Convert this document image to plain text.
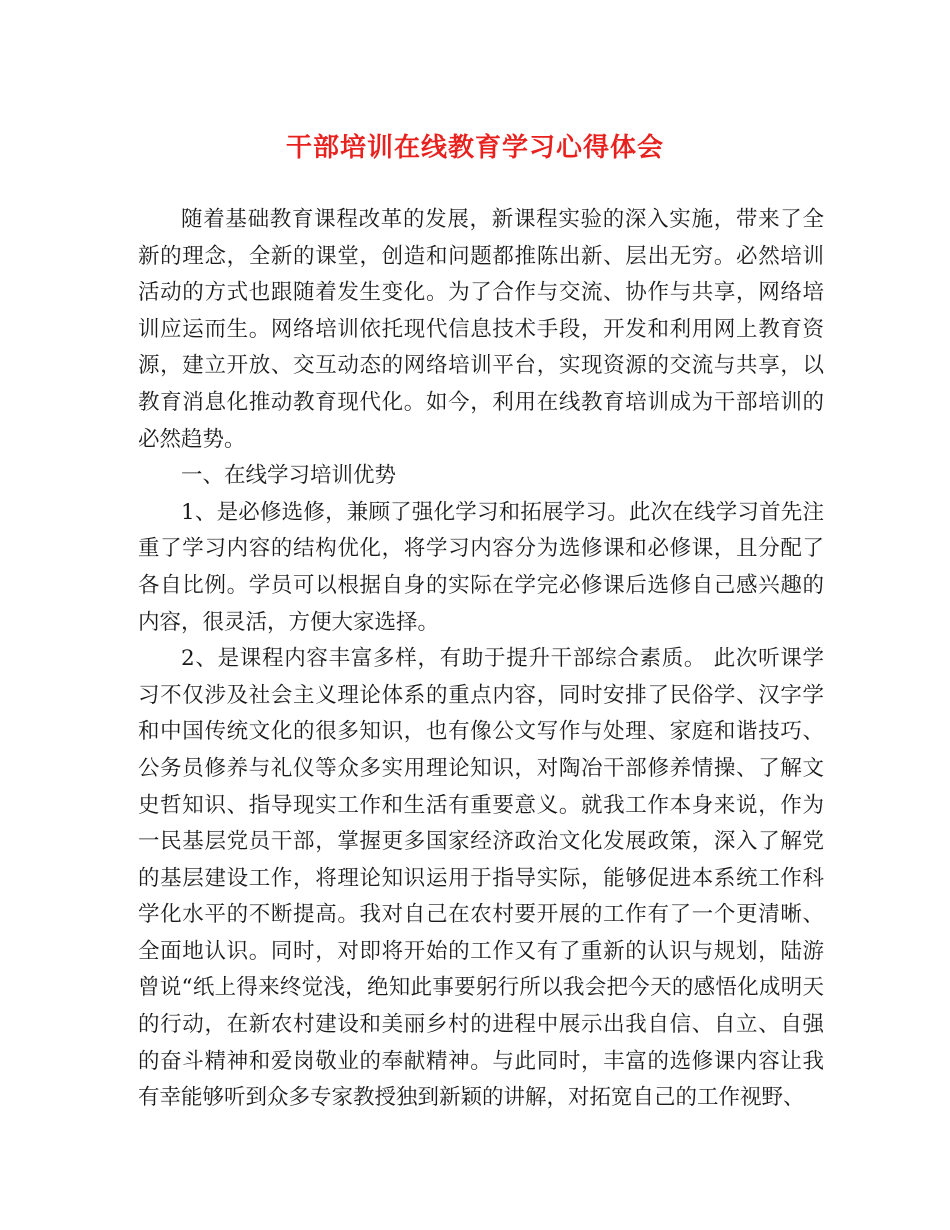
干部培训在线教育学习心得体会

随着基础教育课程改革的发展，新课程实验的深入实施，带来了全新的理念，全新的课堂，创造和问题都推陈出新、层出无穷。必然培训活动的方式也跟随着发生变化。为了合作与交流、协作与共享，网络培训应运而生。网络培训依托现代信息技术手段，开发和利用网上教育资源，建立开放、交互动态的网络培训平台，实现资源的交流与共享，以教育消息化推动教育现代化。如今，利用在线教育培训成为干部培训的必然趋势。

一、在线学习培训优势

1、是必修选修，兼顾了强化学习和拓展学习。此次在线学习首先注重了学习内容的结构优化，将学习内容分为选修课和必修课，且分配了各自比例。学员可以根据自身的实际在学完必修课后选修自己感兴趣的内容，很灵活，方便大家选择。

2、是课程内容丰富多样，有助于提升干部综合素质。 此次听课学习不仅涉及社会主义理论体系的重点内容，同时安排了民俗学、汉字学和中国传统文化的很多知识，也有像公文写作与处理、家庭和谐技巧、公务员修养与礼仪等众多实用理论知识，对陶冶干部修养情操、了解文史哲知识、指导现实工作和生活有重要意义。就我工作本身来说，作为一民基层党员干部，掌握更多国家经济政治文化发展政策，深入了解党的基层建设工作，将理论知识运用于指导实际，能够促进本系统工作科学化水平的不断提高。我对自己在农村要开展的工作有了一个更清晰、全面地认识。同时，对即将开始的工作又有了重新的认识与规划，陆游曾说“纸上得来终觉浅，绝知此事要躬行所以我会把今天的感悟化成明天的行动，在新农村建设和美丽乡村的进程中展示出我自信、自立、自强的奋斗精神和爱岗敬业的奉献精神。与此同时，丰富的选修课内容让我有幸能够听到众多专家教授独到新颖的讲解，对拓宽自己的工作视野、
